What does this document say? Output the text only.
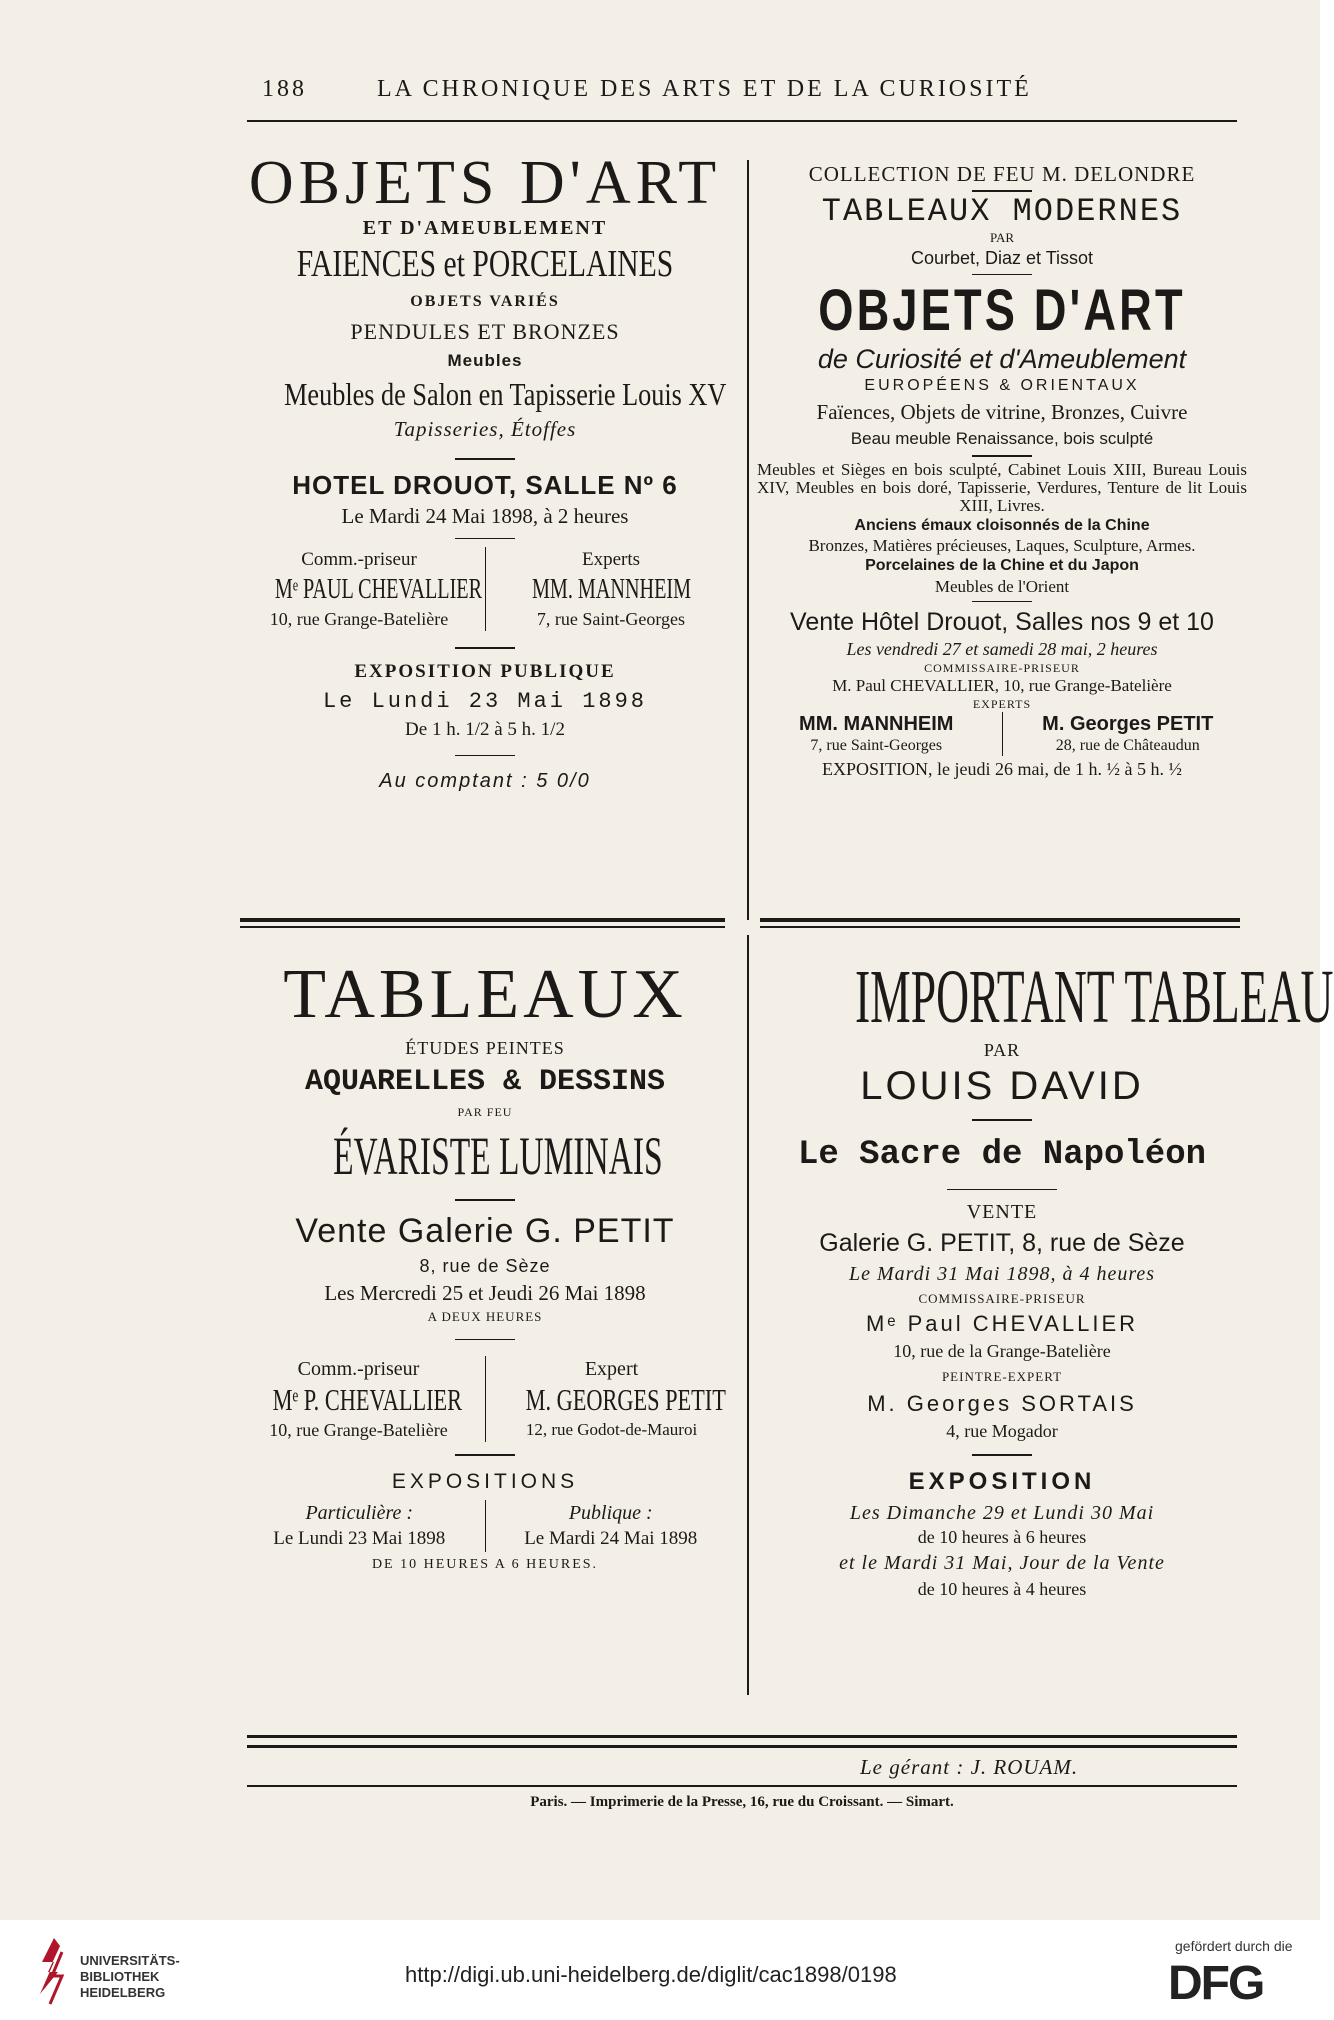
188	LA CHRONIQUE DES ARTS ET DE LA CURIOSITÉ
OBJETS D'ART
ET D'AMEUBLEMENT
FAIENCES et PORCELAINES
OBJETS VARIÉS
PENDULES ET BRONZES
Meubles
Meubles de Salon en Tapisserie Louis XV
Tapisseries, Étoffes
HOTEL DROUOT, SALLE Nº 6
Le Mardi 24 Mai 1898, à 2 heures
Comm.-priseur
Mᵉ PAUL CHEVALLIER
10, rue Grange-Batelière
Experts
MM. MANNHEIM
7, rue Saint-Georges
EXPOSITION PUBLIQUE
Le Lundi 23 Mai 1898
De 1 h. 1/2 à 5 h. 1/2
Au comptant : 5 0/0
COLLECTION DE FEU M. DELONDRE
TABLEAUX MODERNES
PAR
Courbet, Diaz et Tissot
OBJETS D'ART
de Curiosité et d'Ameublement
EUROPÉENS & ORIENTAUX
Faïences, Objets de vitrine, Bronzes, Cuivre
Beau meuble Renaissance, bois sculpté
Meubles et Sièges en bois sculpté, Cabinet Louis XIII, Bureau Louis XIV, Meubles en bois doré, Tapisserie, Verdures, Tenture de lit Louis XIII, Livres.
Anciens émaux cloisonnés de la Chine
Bronzes, Matières précieuses, Laques, Sculpture, Armes.
Porcelaines de la Chine et du Japon
Meubles de l'Orient
Vente Hôtel Drouot, Salles nos 9 et 10
Les vendredi 27 et samedi 28 mai, 2 heures
COMMISSAIRE-PRISEUR
M. Paul CHEVALLIER, 10, rue Grange-Batelière
EXPERTS
MM. MANNHEIM
7, rue Saint-Georges
M. Georges PETIT
28, rue de Châteaudun
EXPOSITION, le jeudi 26 mai, de 1 h. ½ à 5 h. ½
TABLEAUX
ÉTUDES PEINTES
AQUARELLES & DESSINS
PAR FEU
ÉVARISTE LUMINAIS
Vente Galerie G. PETIT
8, rue de Sèze
Les Mercredi 25 et Jeudi 26 Mai 1898
A DEUX HEURES
Comm.-priseur
Mᵉ P. CHEVALLIER
10, rue Grange-Batelière
Expert
M. GEORGES PETIT
12, rue Godot-de-Mauroi
EXPOSITIONS
Particulière :
Le Lundi 23 Mai 1898
Publique :
Le Mardi 24 Mai 1898
DE 10 HEURES A 6 HEURES.
IMPORTANT TABLEAU
PAR
LOUIS DAVID
Le Sacre de Napoléon
VENTE
Galerie G. PETIT, 8, rue de Sèze
Le Mardi 31 Mai 1898, à 4 heures
COMMISSAIRE-PRISEUR
Mᵉ Paul CHEVALLIER
10, rue de la Grange-Batelière
PEINTRE-EXPERT
M. Georges SORTAIS
4, rue Mogador
EXPOSITION
Les Dimanche 29 et Lundi 30 Mai
de 10 heures à 6 heures
et le Mardi 31 Mai, Jour de la Vente
de 10 heures à 4 heures
Le gérant : J. ROUAM.
Paris. — Imprimerie de la Presse, 16, rue du Croissant. — Simart.
UNIVERSITÄTS-
BIBLIOTHEK
HEIDELBERG
http://digi.ub.uni-heidelberg.de/diglit/cac1898/0198
gefördert durch die
DFG
